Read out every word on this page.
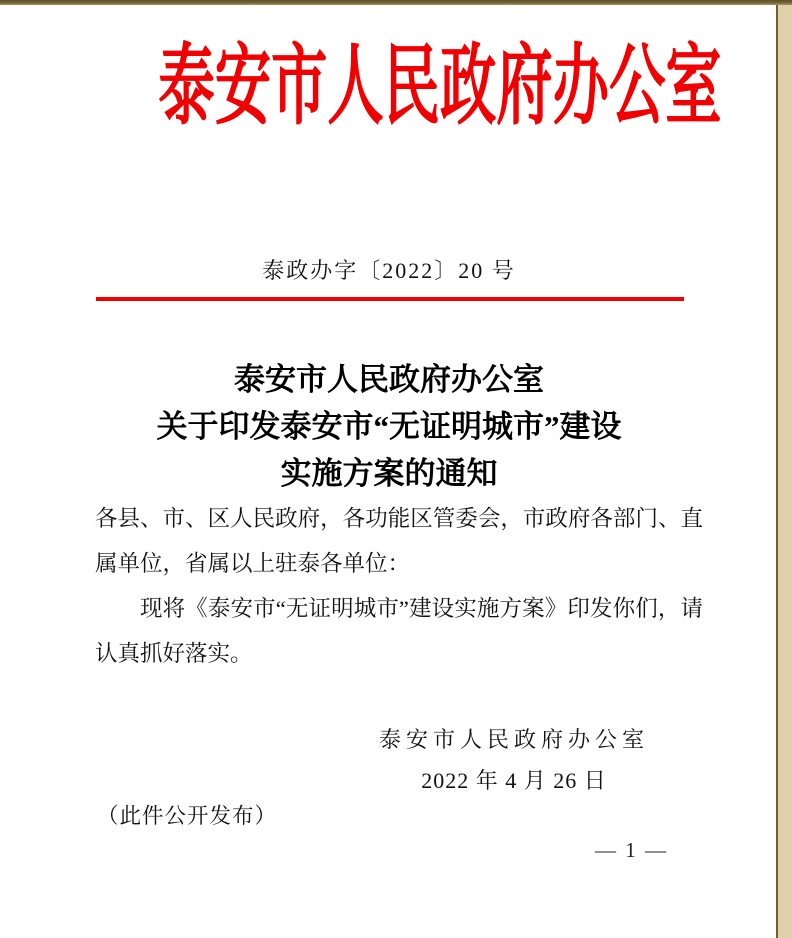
泰安市人民政府办公室
泰政办字〔2022〕20 号
泰安市人民政府办公室
关于印发泰安市“无证明城市”建设
实施方案的通知

各县、市、区人民政府，各功能区管委会，市政府各部门、直属单位，省属以上驻泰各单位：

现将《泰安市“无证明城市”建设实施方案》印发你们，请认真抓好落实。

泰安市人民政府办公室
2022 年 4 月 26 日
（此件公开发布）
— 1 —
